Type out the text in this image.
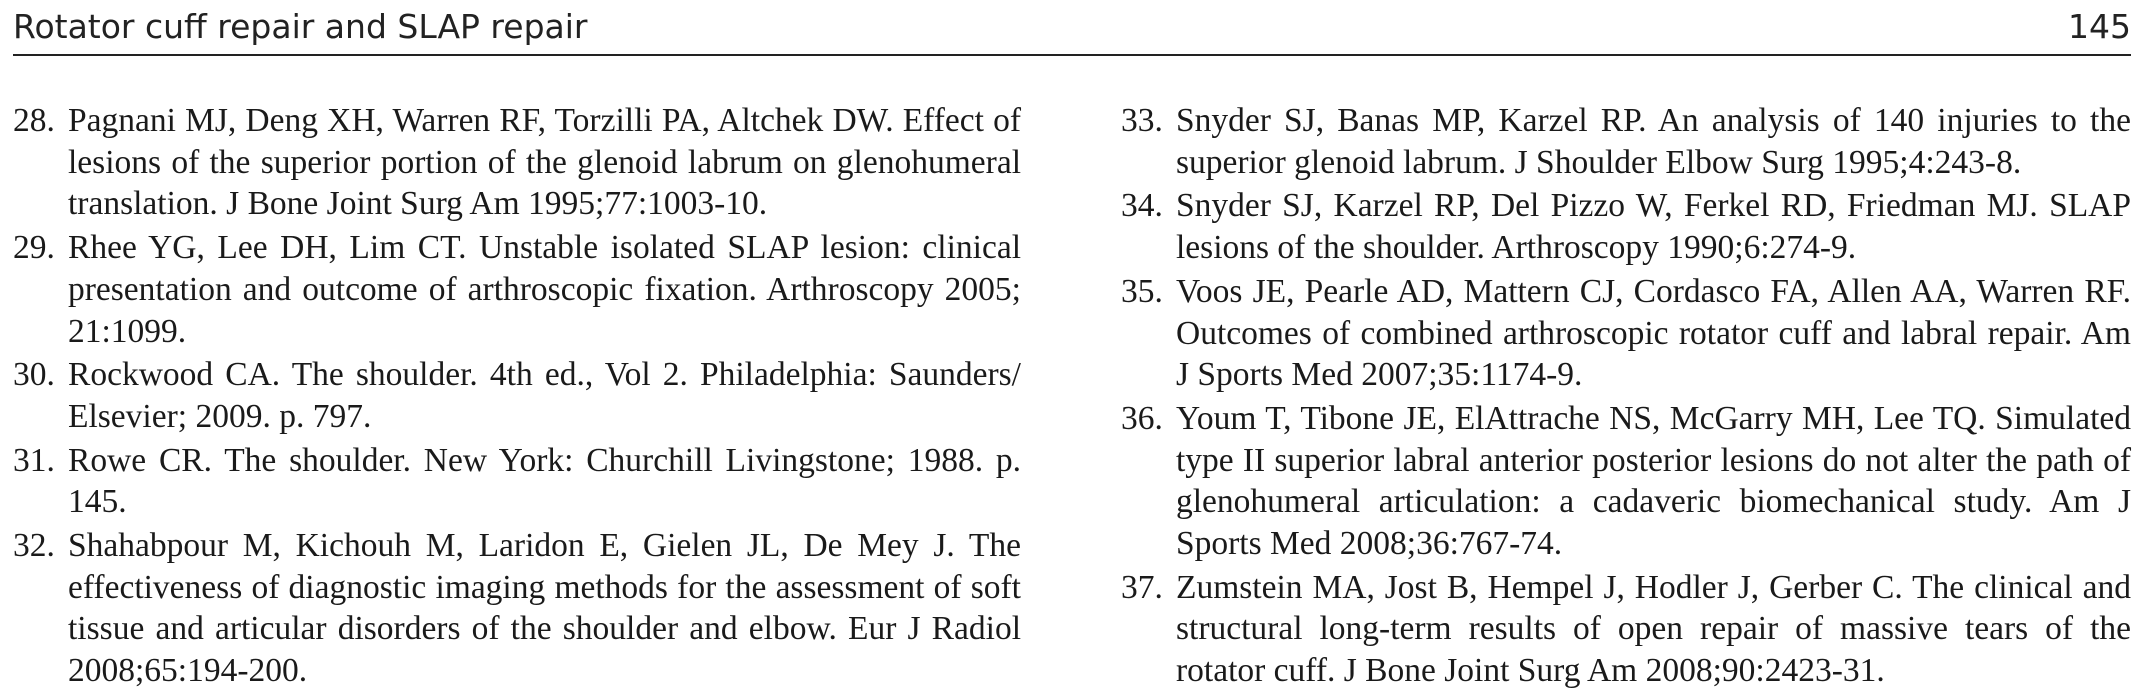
Rotator cuff repair and SLAP repair	145
28. Pagnani MJ, Deng XH, Warren RF, Torzilli PA, Altchek DW. Effect of lesions of the superior portion of the glenoid labrum on glenohumeral translation. J Bone Joint Surg Am 1995;77:1003-10.
29. Rhee YG, Lee DH, Lim CT. Unstable isolated SLAP lesion: clinical presentation and outcome of arthroscopic fixation. Arthroscopy 2005; 21:1099.
30. Rockwood CA. The shoulder. 4th ed., Vol 2. Philadelphia: Saunders/ Elsevier; 2009. p. 797.
31. Rowe CR. The shoulder. New York: Churchill Livingstone; 1988. p. 145.
32. Shahabpour M, Kichouh M, Laridon E, Gielen JL, De Mey J. The effectiveness of diagnostic imaging methods for the assessment of soft tissue and articular disorders of the shoulder and elbow. Eur J Radiol 2008;65:194-200.
33. Snyder SJ, Banas MP, Karzel RP. An analysis of 140 injuries to the superior glenoid labrum. J Shoulder Elbow Surg 1995;4:243-8.
34. Snyder SJ, Karzel RP, Del Pizzo W, Ferkel RD, Friedman MJ. SLAP lesions of the shoulder. Arthroscopy 1990;6:274-9.
35. Voos JE, Pearle AD, Mattern CJ, Cordasco FA, Allen AA, Warren RF. Outcomes of combined arthroscopic rotator cuff and labral repair. Am J Sports Med 2007;35:1174-9.
36. Youm T, Tibone JE, ElAttrache NS, McGarry MH, Lee TQ. Simulated type II superior labral anterior posterior lesions do not alter the path of glenohumeral articulation: a cadaveric biomechanical study. Am J Sports Med 2008;36:767-74.
37. Zumstein MA, Jost B, Hempel J, Hodler J, Gerber C. The clinical and structural long-term results of open repair of massive tears of the rotator cuff. J Bone Joint Surg Am 2008;90:2423-31.
